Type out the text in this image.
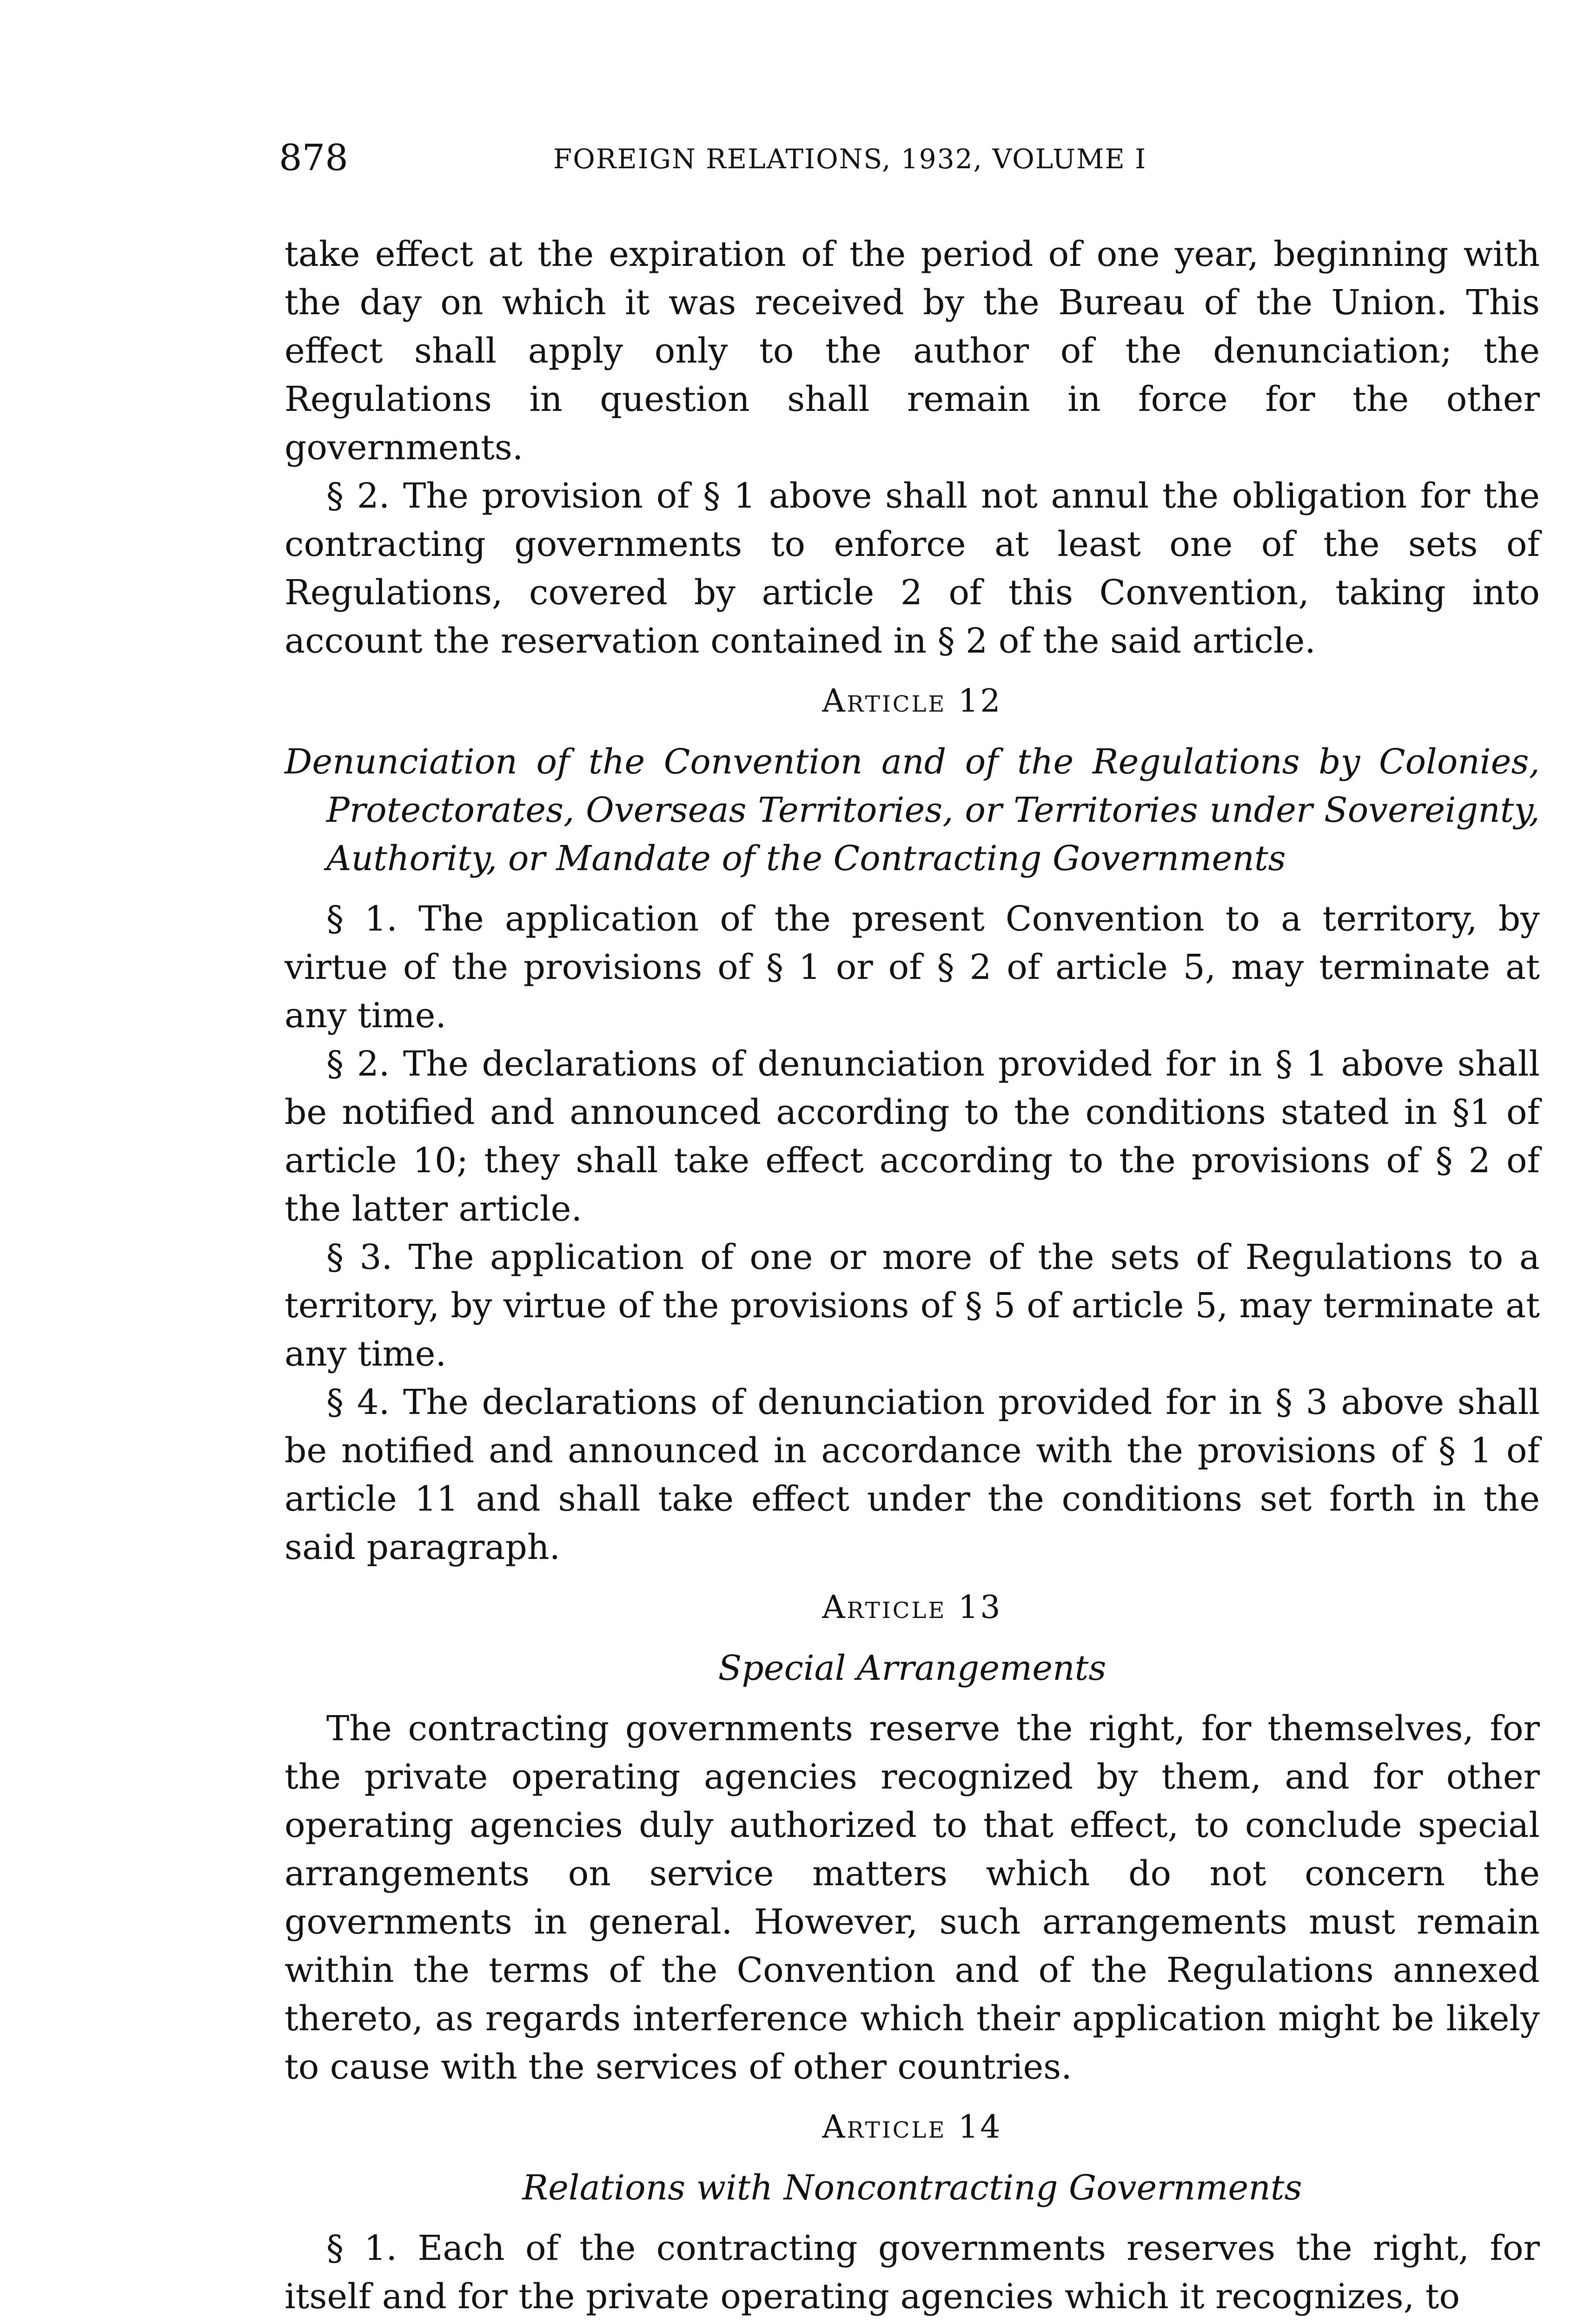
878	FOREIGN RELATIONS, 1932, VOLUME I

take effect at the expiration of the period of one year, beginning with the day on which it was received by the Bureau of the Union. This effect shall apply only to the author of the denunciation; the Regulations in question shall remain in force for the other governments.

§ 2. The provision of § 1 above shall not annul the obligation for the contracting governments to enforce at least one of the sets of Regulations, covered by article 2 of this Convention, taking into account the reservation contained in § 2 of the said article.

Article 12

Denunciation of the Convention and of the Regulations by Colonies, Protectorates, Overseas Territories, or Territories under Sovereignty, Authority, or Mandate of the Contracting Governments

§ 1. The application of the present Convention to a territory, by virtue of the provisions of § 1 or of § 2 of article 5, may terminate at any time.

§ 2. The declarations of denunciation provided for in § 1 above shall be notified and announced according to the conditions stated in §1 of article 10; they shall take effect according to the provisions of § 2 of the latter article.

§ 3. The application of one or more of the sets of Regulations to a territory, by virtue of the provisions of § 5 of article 5, may terminate at any time.

§ 4. The declarations of denunciation provided for in § 3 above shall be notified and announced in accordance with the provisions of § 1 of article 11 and shall take effect under the conditions set forth in the said paragraph.

Article 13

Special Arrangements

The contracting governments reserve the right, for themselves, for the private operating agencies recognized by them, and for other operating agencies duly authorized to that effect, to conclude special arrangements on service matters which do not concern the governments in general. However, such arrangements must remain within the terms of the Convention and of the Regulations annexed thereto, as regards interference which their application might be likely to cause with the services of other countries.

Article 14

Relations with Noncontracting Governments

§ 1. Each of the contracting governments reserves the right, for itself and for the private operating agencies which it recognizes, to
